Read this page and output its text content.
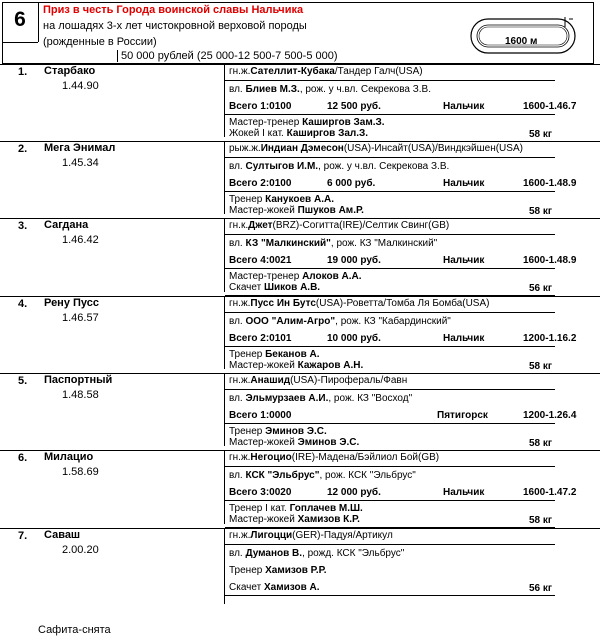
6	Приз в честь Города воинской славы Нальчика
на лошадях 3-х лет чистокровной верховой породы
(рожденные в России)
50 000 рублей (25 000-12 500-7 500-5 000)
1600 м
1. Старбако
1.44.90
гн.ж.Сателлит-Кубака/Тандер Галч(USA)
вл. Блиев М.З., рож. у ч.вл. Секрекова З.В.
Всего 1:0100	12 500 руб.	Нальчик	1600-1.46.7
Мастер-тренер Каширгов Зам.З.
Жокей I кат. Каширгов Зал.З.	58 кг
2. Мега Энимал
1.45.34
рыж.ж.Индиан Дэмесон(USA)-Инсайт(USA)/Виндкэйшен(USA)
вл. Султыгов И.М., рож. у ч.вл. Секрекова З.В.
Всего 2:0100	6 000 руб.	Нальчик	1600-1.48.9
Тренер Канукоев А.А.
Мастер-жокей Пшуков Ам.Р.	58 кг
3. Сагдана
1.46.42
гн.к.Джет(BRZ)-Согитта(IRE)/Селтик Свинг(GB)
вл. КЗ "Малкинский", рож. КЗ "Малкинский"
Всего 4:0021	19 000 руб.	Нальчик	1600-1.48.9
Мастер-тренер Алоков А.А.
Скачет Шиков А.В.	56 кг
4. Рену Пусс
1.46.57
гн.ж.Пусс Ин Бутс(USA)-Роветта/Томба Ля Бомба(USA)
вл. ООО "Алим-Агро", рож. КЗ "Кабардинский"
Всего 2:0101	10 000 руб.	Нальчик	1200-1.16.2
Тренер Беканов А.
Мастер-жокей Кажаров А.Н.	58 кг
5. Паспортный
1.48.58
гн.ж.Анашид(USA)-Пирофераль/Фавн
вл. Эльмурзаев А.И., рож. КЗ "Восход"
Всего 1:0000	Пятигорск	1200-1.26.4
Тренер Эминов Э.С.
Мастер-жокей Эминов Э.С.	58 кг
6. Милацио
1.58.69
гн.ж.Негоцио(IRE)-Мадена/Бэйлиол Бой(GB)
вл. КСК "Эльбрус", рож. КСК "Эльбрус"
Всего 3:0020	12 000 руб.	Нальчик	1600-1.47.2
Тренер I кат. Гоплачев М.Ш.
Мастер-жокей Хамизов К.Р.	58 кг
7. Саваш
2.00.20
гн.ж.Лигоцци(GER)-Падуя/Артикул
вл. Думанов В., рожд. КСК "Эльбрус"
Тренер Хамизов Р.Р.
Скачет Хамизов А.	56 кг
Сафита-снята
